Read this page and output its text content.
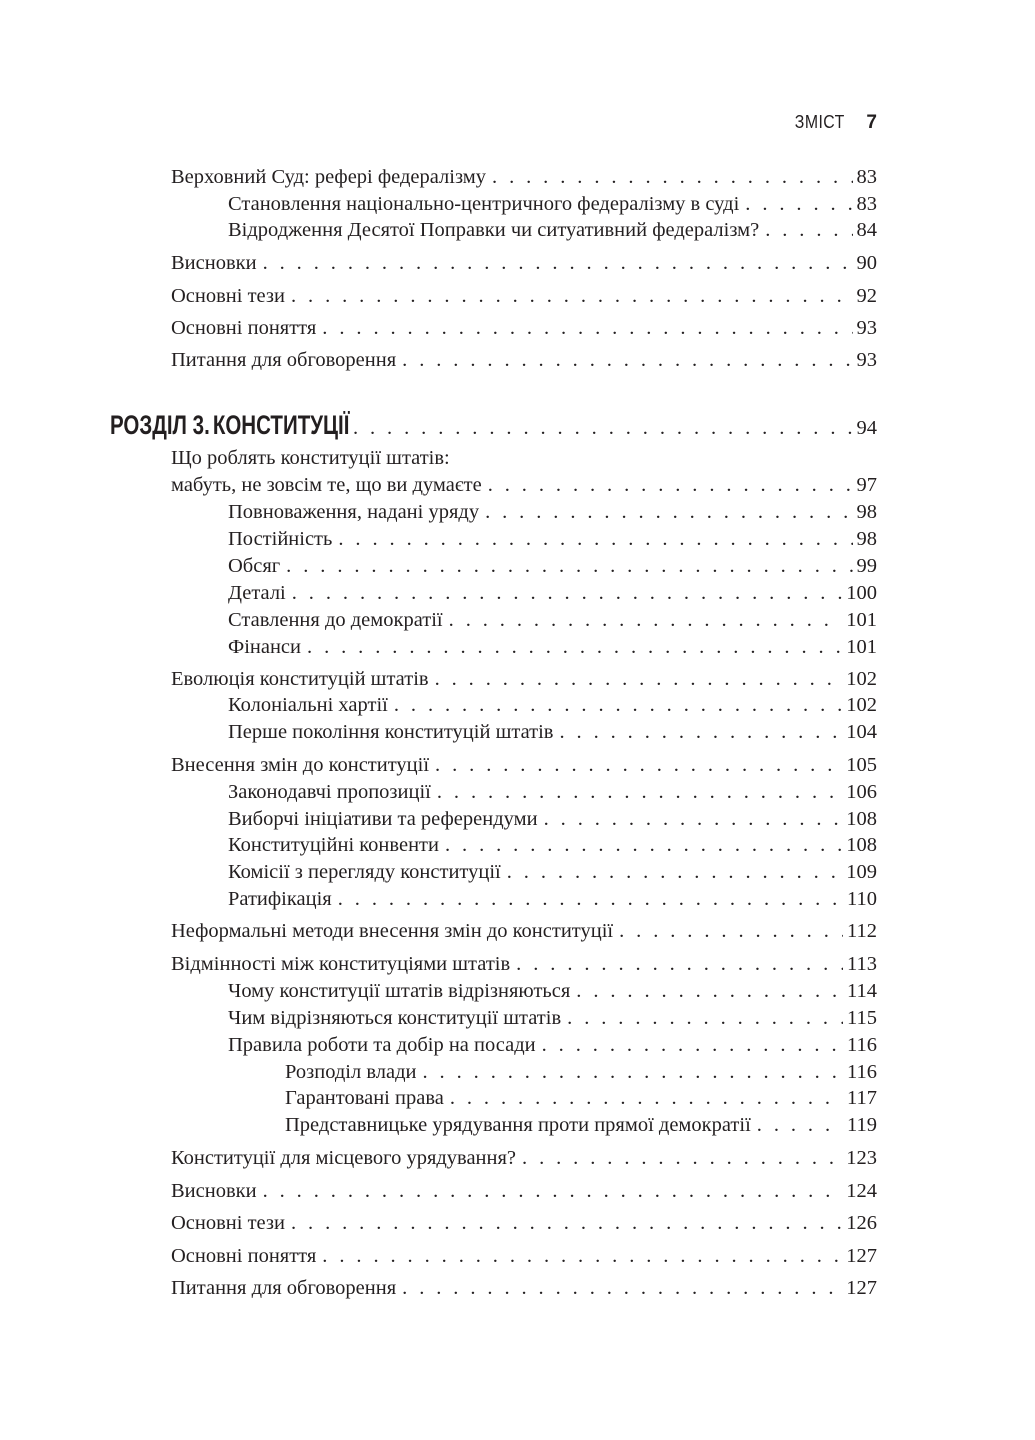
ЗМІСТ 7
Верховний Суд: рефері федералізму . . .	83
Становлення національно-центричного федералізму в суді . . .	83
Відродження Десятої Поправки чи ситуативний федералізм? . . .	84
Висновки . . .	90
Основні тези . . .	92
Основні поняття . . .	93
Питання для обговорення . . .	93
РОЗДІЛ 3. КОНСТИТУЦІЇ . . .	94
Що роблять конституції штатів:
мабуть, не зовсім те, що ви думаєте . . .	97
Повноваження, надані уряду . . .	98
Постійність . . .	98
Обсяг . . .	99
Деталі . . .	100
Ставлення до демократії . . .	101
Фінанси . . .	101
Еволюція конституцій штатів . . .	102
Колоніальні хартії . . .	102
Перше покоління конституцій штатів . . .	104
Внесення змін до конституції . . .	105
Законодавчі пропозиції . . .	106
Виборчі ініціативи та референдуми . . .	108
Конституційні конвенти . . .	108
Комісії з перегляду конституції . . .	109
Ратифікація . . .	110
Неформальні методи внесення змін до конституції . . .	112
Відмінності між конституціями штатів . . .	113
Чому конституції штатів відрізняються . . .	114
Чим відрізняються конституції штатів . . .	115
Правила роботи та добір на посади . . .	116
Розподіл влади . . .	116
Гарантовані права . . .	117
Представницьке урядування проти прямої демократії . . .	119
Конституції для місцевого урядування? . . .	123
Висновки . . .	124
Основні тези . . .	126
Основні поняття . . .	127
Питання для обговорення . . .	127
